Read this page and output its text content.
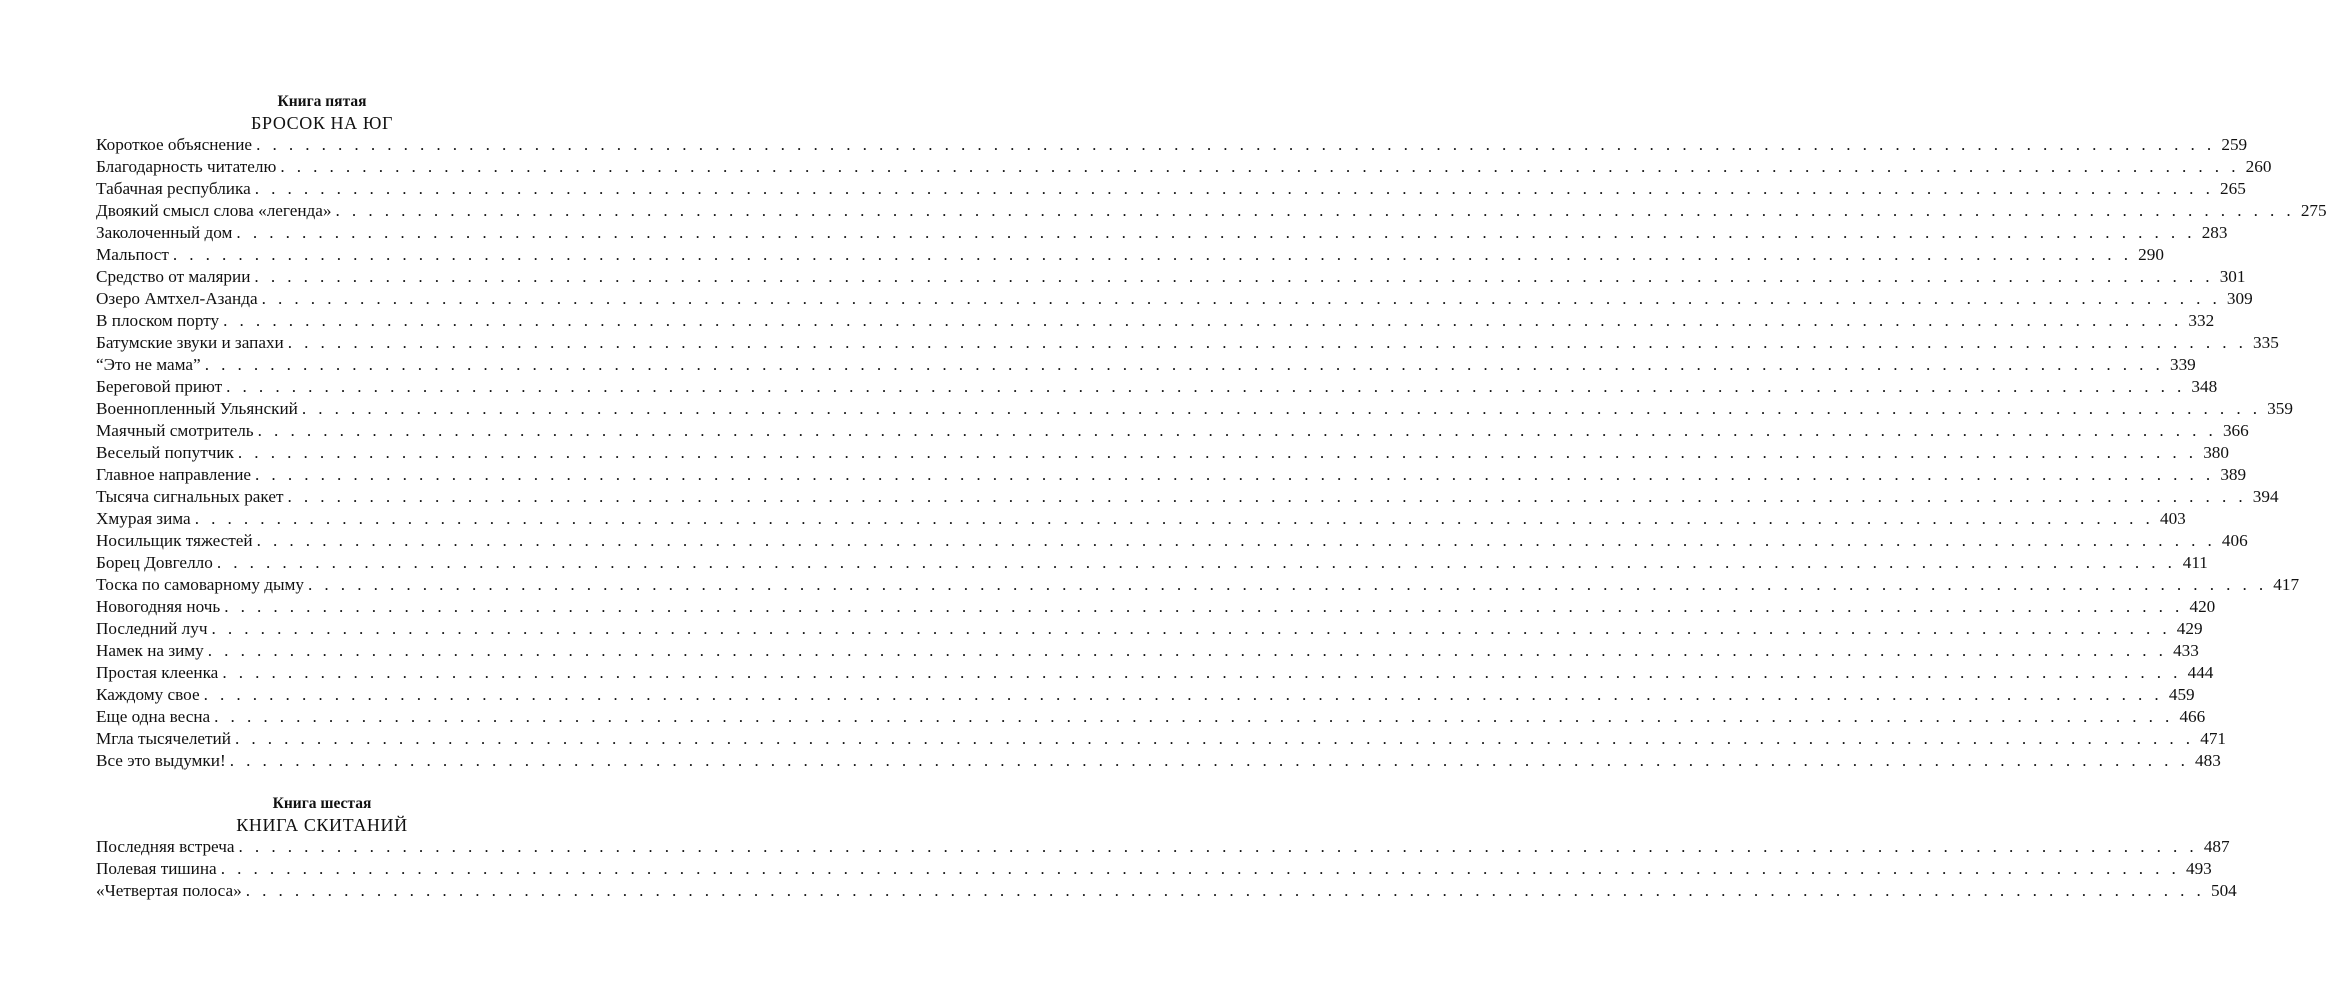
Книга пятая
БРОСОК НА ЮГ
Короткое объяснение . . . . . . . . . . . . . . . . . . . . . . . . . . . . . . . . . . . . . . . . . . . . . . . . . . . . . . . . . . . . . . . . . . . . . . . . . . . . . . . . . . . . . . . . . . . . . . . . . . . . . . . . . . . . . . . . . . . . . . . . 259
Благодарность читателю . . . . . . . . . . . . . . . . . . . . . . . . . . . . . . . . . . . . . . . . . . . . . . . . . . . . . . . . . . . . . . . . . . . . . . . . . . . . . . . . . . . . . . . . . . . . . . . . . . . . . . . . . . . . . . . . . . . . . . . . 260
Табачная республика . . . . . . . . . . . . . . . . . . . . . . . . . . . . . . . . . . . . . . . . . . . . . . . . . . . . . . . . . . . . . . . . . . . . . . . . . . . . . . . . . . . . . . . . . . . . . . . . . . . . . . . . . . . . . . . . . . . . . . . . 265
Двоякий смысл слова «легенда» . . . . . . . . . . . . . . . . . . . . . . . . . . . . . . . . . . . . . . . . . . . . . . . . . . . . . . . . . . . . . . . . . . . . . . . . . . . . . . . . . . . . . . . . . . . . . . . . . . . . . . . . . . . . . . . . . . . . . . . . 275
Заколоченный дом . . . . . . . . . . . . . . . . . . . . . . . . . . . . . . . . . . . . . . . . . . . . . . . . . . . . . . . . . . . . . . . . . . . . . . . . . . . . . . . . . . . . . . . . . . . . . . . . . . . . . . . . . . . . . . . . . . . . . . . . 283
Мальпост . . . . . . . . . . . . . . . . . . . . . . . . . . . . . . . . . . . . . . . . . . . . . . . . . . . . . . . . . . . . . . . . . . . . . . . . . . . . . . . . . . . . . . . . . . . . . . . . . . . . . . . . . . . . . . . . . . . . . . . . 290
Средство от малярии . . . . . . . . . . . . . . . . . . . . . . . . . . . . . . . . . . . . . . . . . . . . . . . . . . . . . . . . . . . . . . . . . . . . . . . . . . . . . . . . . . . . . . . . . . . . . . . . . . . . . . . . . . . . . . . . . . . . . . . . 301
Озеро Амтхел-Азанда . . . . . . . . . . . . . . . . . . . . . . . . . . . . . . . . . . . . . . . . . . . . . . . . . . . . . . . . . . . . . . . . . . . . . . . . . . . . . . . . . . . . . . . . . . . . . . . . . . . . . . . . . . . . . . . . . . . . . . . . 309
В плоском порту . . . . . . . . . . . . . . . . . . . . . . . . . . . . . . . . . . . . . . . . . . . . . . . . . . . . . . . . . . . . . . . . . . . . . . . . . . . . . . . . . . . . . . . . . . . . . . . . . . . . . . . . . . . . . . . . . . . . . . . . 332
Батумские звуки и запахи . . . . . . . . . . . . . . . . . . . . . . . . . . . . . . . . . . . . . . . . . . . . . . . . . . . . . . . . . . . . . . . . . . . . . . . . . . . . . . . . . . . . . . . . . . . . . . . . . . . . . . . . . . . . . . . . . . . . . . . . 335
“Это не мама” . . . . . . . . . . . . . . . . . . . . . . . . . . . . . . . . . . . . . . . . . . . . . . . . . . . . . . . . . . . . . . . . . . . . . . . . . . . . . . . . . . . . . . . . . . . . . . . . . . . . . . . . . . . . . . . . . . . . . . . . 339
Береговой приют . . . . . . . . . . . . . . . . . . . . . . . . . . . . . . . . . . . . . . . . . . . . . . . . . . . . . . . . . . . . . . . . . . . . . . . . . . . . . . . . . . . . . . . . . . . . . . . . . . . . . . . . . . . . . . . . . . . . . . . . 348
Военнопленный Ульянский . . . . . . . . . . . . . . . . . . . . . . . . . . . . . . . . . . . . . . . . . . . . . . . . . . . . . . . . . . . . . . . . . . . . . . . . . . . . . . . . . . . . . . . . . . . . . . . . . . . . . . . . . . . . . . . . . . . . . . . . 359
Маячный смотритель . . . . . . . . . . . . . . . . . . . . . . . . . . . . . . . . . . . . . . . . . . . . . . . . . . . . . . . . . . . . . . . . . . . . . . . . . . . . . . . . . . . . . . . . . . . . . . . . . . . . . . . . . . . . . . . . . . . . . . . . 366
Веселый попутчик . . . . . . . . . . . . . . . . . . . . . . . . . . . . . . . . . . . . . . . . . . . . . . . . . . . . . . . . . . . . . . . . . . . . . . . . . . . . . . . . . . . . . . . . . . . . . . . . . . . . . . . . . . . . . . . . . . . . . . . . 380
Главное направление . . . . . . . . . . . . . . . . . . . . . . . . . . . . . . . . . . . . . . . . . . . . . . . . . . . . . . . . . . . . . . . . . . . . . . . . . . . . . . . . . . . . . . . . . . . . . . . . . . . . . . . . . . . . . . . . . . . . . . . . 389
Тысяча сигнальных ракет . . . . . . . . . . . . . . . . . . . . . . . . . . . . . . . . . . . . . . . . . . . . . . . . . . . . . . . . . . . . . . . . . . . . . . . . . . . . . . . . . . . . . . . . . . . . . . . . . . . . . . . . . . . . . . . . . . . . . . . . 394
Хмурая зима . . . . . . . . . . . . . . . . . . . . . . . . . . . . . . . . . . . . . . . . . . . . . . . . . . . . . . . . . . . . . . . . . . . . . . . . . . . . . . . . . . . . . . . . . . . . . . . . . . . . . . . . . . . . . . . . . . . . . . . . 403
Носильщик тяжестей . . . . . . . . . . . . . . . . . . . . . . . . . . . . . . . . . . . . . . . . . . . . . . . . . . . . . . . . . . . . . . . . . . . . . . . . . . . . . . . . . . . . . . . . . . . . . . . . . . . . . . . . . . . . . . . . . . . . . . . . 406
Борец Довгелло . . . . . . . . . . . . . . . . . . . . . . . . . . . . . . . . . . . . . . . . . . . . . . . . . . . . . . . . . . . . . . . . . . . . . . . . . . . . . . . . . . . . . . . . . . . . . . . . . . . . . . . . . . . . . . . . . . . . . . . . 411
Тоска по самоварному дыму . . . . . . . . . . . . . . . . . . . . . . . . . . . . . . . . . . . . . . . . . . . . . . . . . . . . . . . . . . . . . . . . . . . . . . . . . . . . . . . . . . . . . . . . . . . . . . . . . . . . . . . . . . . . . . . . . . . . . . . . 417
Новогодняя ночь . . . . . . . . . . . . . . . . . . . . . . . . . . . . . . . . . . . . . . . . . . . . . . . . . . . . . . . . . . . . . . . . . . . . . . . . . . . . . . . . . . . . . . . . . . . . . . . . . . . . . . . . . . . . . . . . . . . . . . . . 420
Последний луч . . . . . . . . . . . . . . . . . . . . . . . . . . . . . . . . . . . . . . . . . . . . . . . . . . . . . . . . . . . . . . . . . . . . . . . . . . . . . . . . . . . . . . . . . . . . . . . . . . . . . . . . . . . . . . . . . . . . . . . . 429
Намек на зиму . . . . . . . . . . . . . . . . . . . . . . . . . . . . . . . . . . . . . . . . . . . . . . . . . . . . . . . . . . . . . . . . . . . . . . . . . . . . . . . . . . . . . . . . . . . . . . . . . . . . . . . . . . . . . . . . . . . . . . . . 433
Простая клеенка . . . . . . . . . . . . . . . . . . . . . . . . . . . . . . . . . . . . . . . . . . . . . . . . . . . . . . . . . . . . . . . . . . . . . . . . . . . . . . . . . . . . . . . . . . . . . . . . . . . . . . . . . . . . . . . . . . . . . . . . 444
Каждому свое . . . . . . . . . . . . . . . . . . . . . . . . . . . . . . . . . . . . . . . . . . . . . . . . . . . . . . . . . . . . . . . . . . . . . . . . . . . . . . . . . . . . . . . . . . . . . . . . . . . . . . . . . . . . . . . . . . . . . . . . 459
Еще одна весна . . . . . . . . . . . . . . . . . . . . . . . . . . . . . . . . . . . . . . . . . . . . . . . . . . . . . . . . . . . . . . . . . . . . . . . . . . . . . . . . . . . . . . . . . . . . . . . . . . . . . . . . . . . . . . . . . . . . . . . . 466
Мгла тысячелетий . . . . . . . . . . . . . . . . . . . . . . . . . . . . . . . . . . . . . . . . . . . . . . . . . . . . . . . . . . . . . . . . . . . . . . . . . . . . . . . . . . . . . . . . . . . . . . . . . . . . . . . . . . . . . . . . . . . . . . . . 471
Все это выдумки! . . . . . . . . . . . . . . . . . . . . . . . . . . . . . . . . . . . . . . . . . . . . . . . . . . . . . . . . . . . . . . . . . . . . . . . . . . . . . . . . . . . . . . . . . . . . . . . . . . . . . . . . . . . . . . . . . . . . . . . . 483
Книга шестая
КНИГА СКИТАНИЙ
Последняя встреча . . . . . . . . . . . . . . . . . . . . . . . . . . . . . . . . . . . . . . . . . . . . . . . . . . . . . . . . . . . . . . . . . . . . . . . . . . . . . . . . . . . . . . . . . . . . . . . . . . . . . . . . . . . . . . . . . . . . . . . . 487
Полевая тишина . . . . . . . . . . . . . . . . . . . . . . . . . . . . . . . . . . . . . . . . . . . . . . . . . . . . . . . . . . . . . . . . . . . . . . . . . . . . . . . . . . . . . . . . . . . . . . . . . . . . . . . . . . . . . . . . . . . . . . . . 493
«Четвертая полоса» . . . . . . . . . . . . . . . . . . . . . . . . . . . . . . . . . . . . . . . . . . . . . . . . . . . . . . . . . . . . . . . . . . . . . . . . . . . . . . . . . . . . . . . . . . . . . . . . . . . . . . . . . . . . . . . . . . . . . . . . 504
